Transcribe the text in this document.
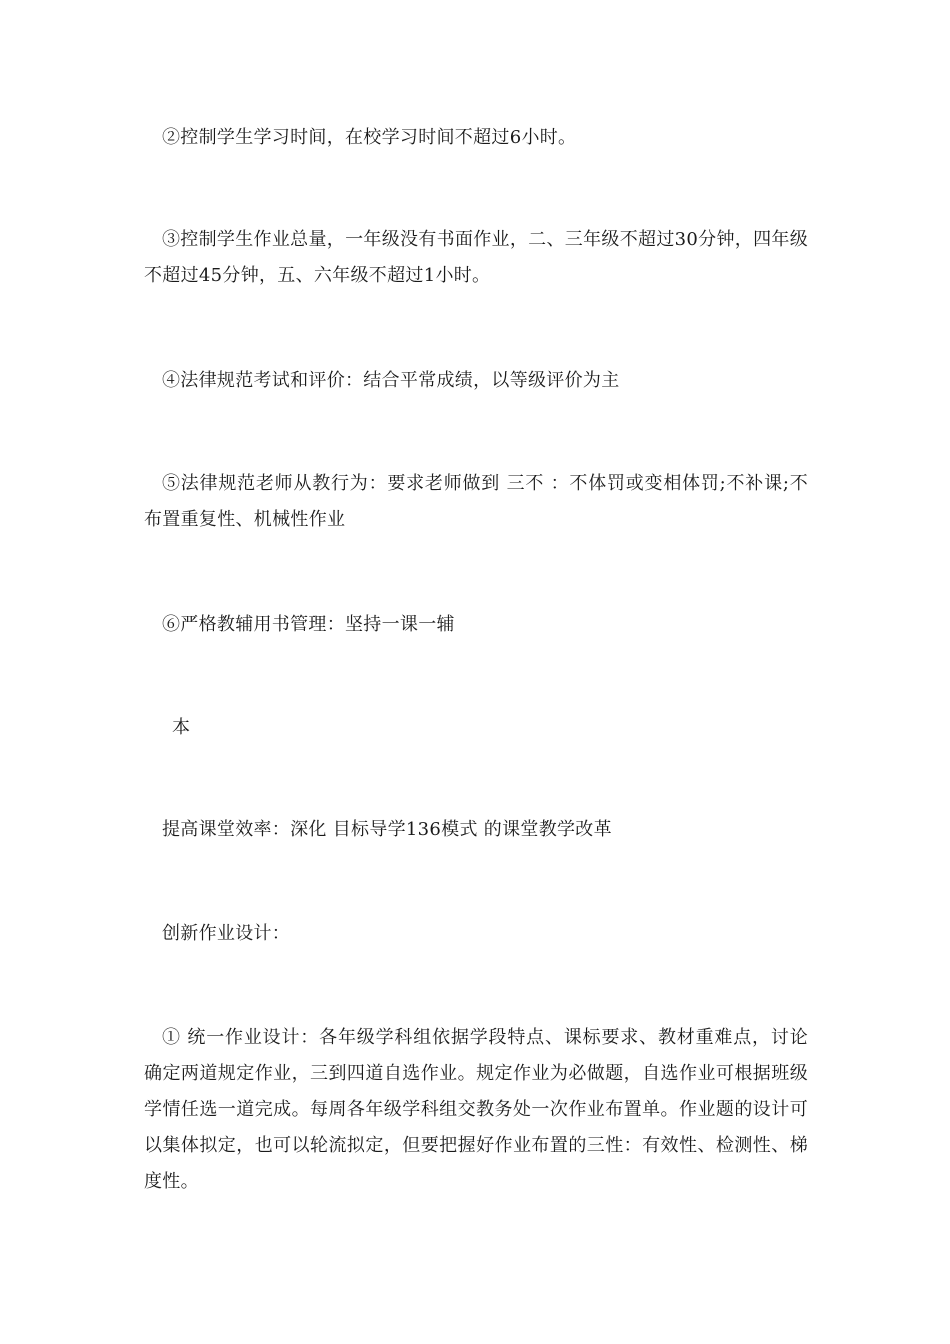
②控制学生学习时间，在校学习时间不超过6小时。

③控制学生作业总量，一年级没有书面作业，二、三年级不超过30分钟，四年级不超过45分钟，五、六年级不超过1小时。

④法律规范考试和评价：结合平常成绩，以等级评价为主

⑤法律规范老师从教行为：要求老师做到 三不 ：不体罚或变相体罚;不补课;不布置重复性、机械性作业

⑥严格教辅用书管理：坚持一课一辅

本

提高课堂效率：深化 目标导学136模式 的课堂教学改革

创新作业设计：

① 统一作业设计：各年级学科组依据学段特点、课标要求、教材重难点，讨论确定两道规定作业，三到四道自选作业。规定作业为必做题，自选作业可根据班级学情任选一道完成。每周各年级学科组交教务处一次作业布置单。作业题的设计可以集体拟定，也可以轮流拟定，但要把握好作业布置的三性：有效性、检测性、梯度性。
